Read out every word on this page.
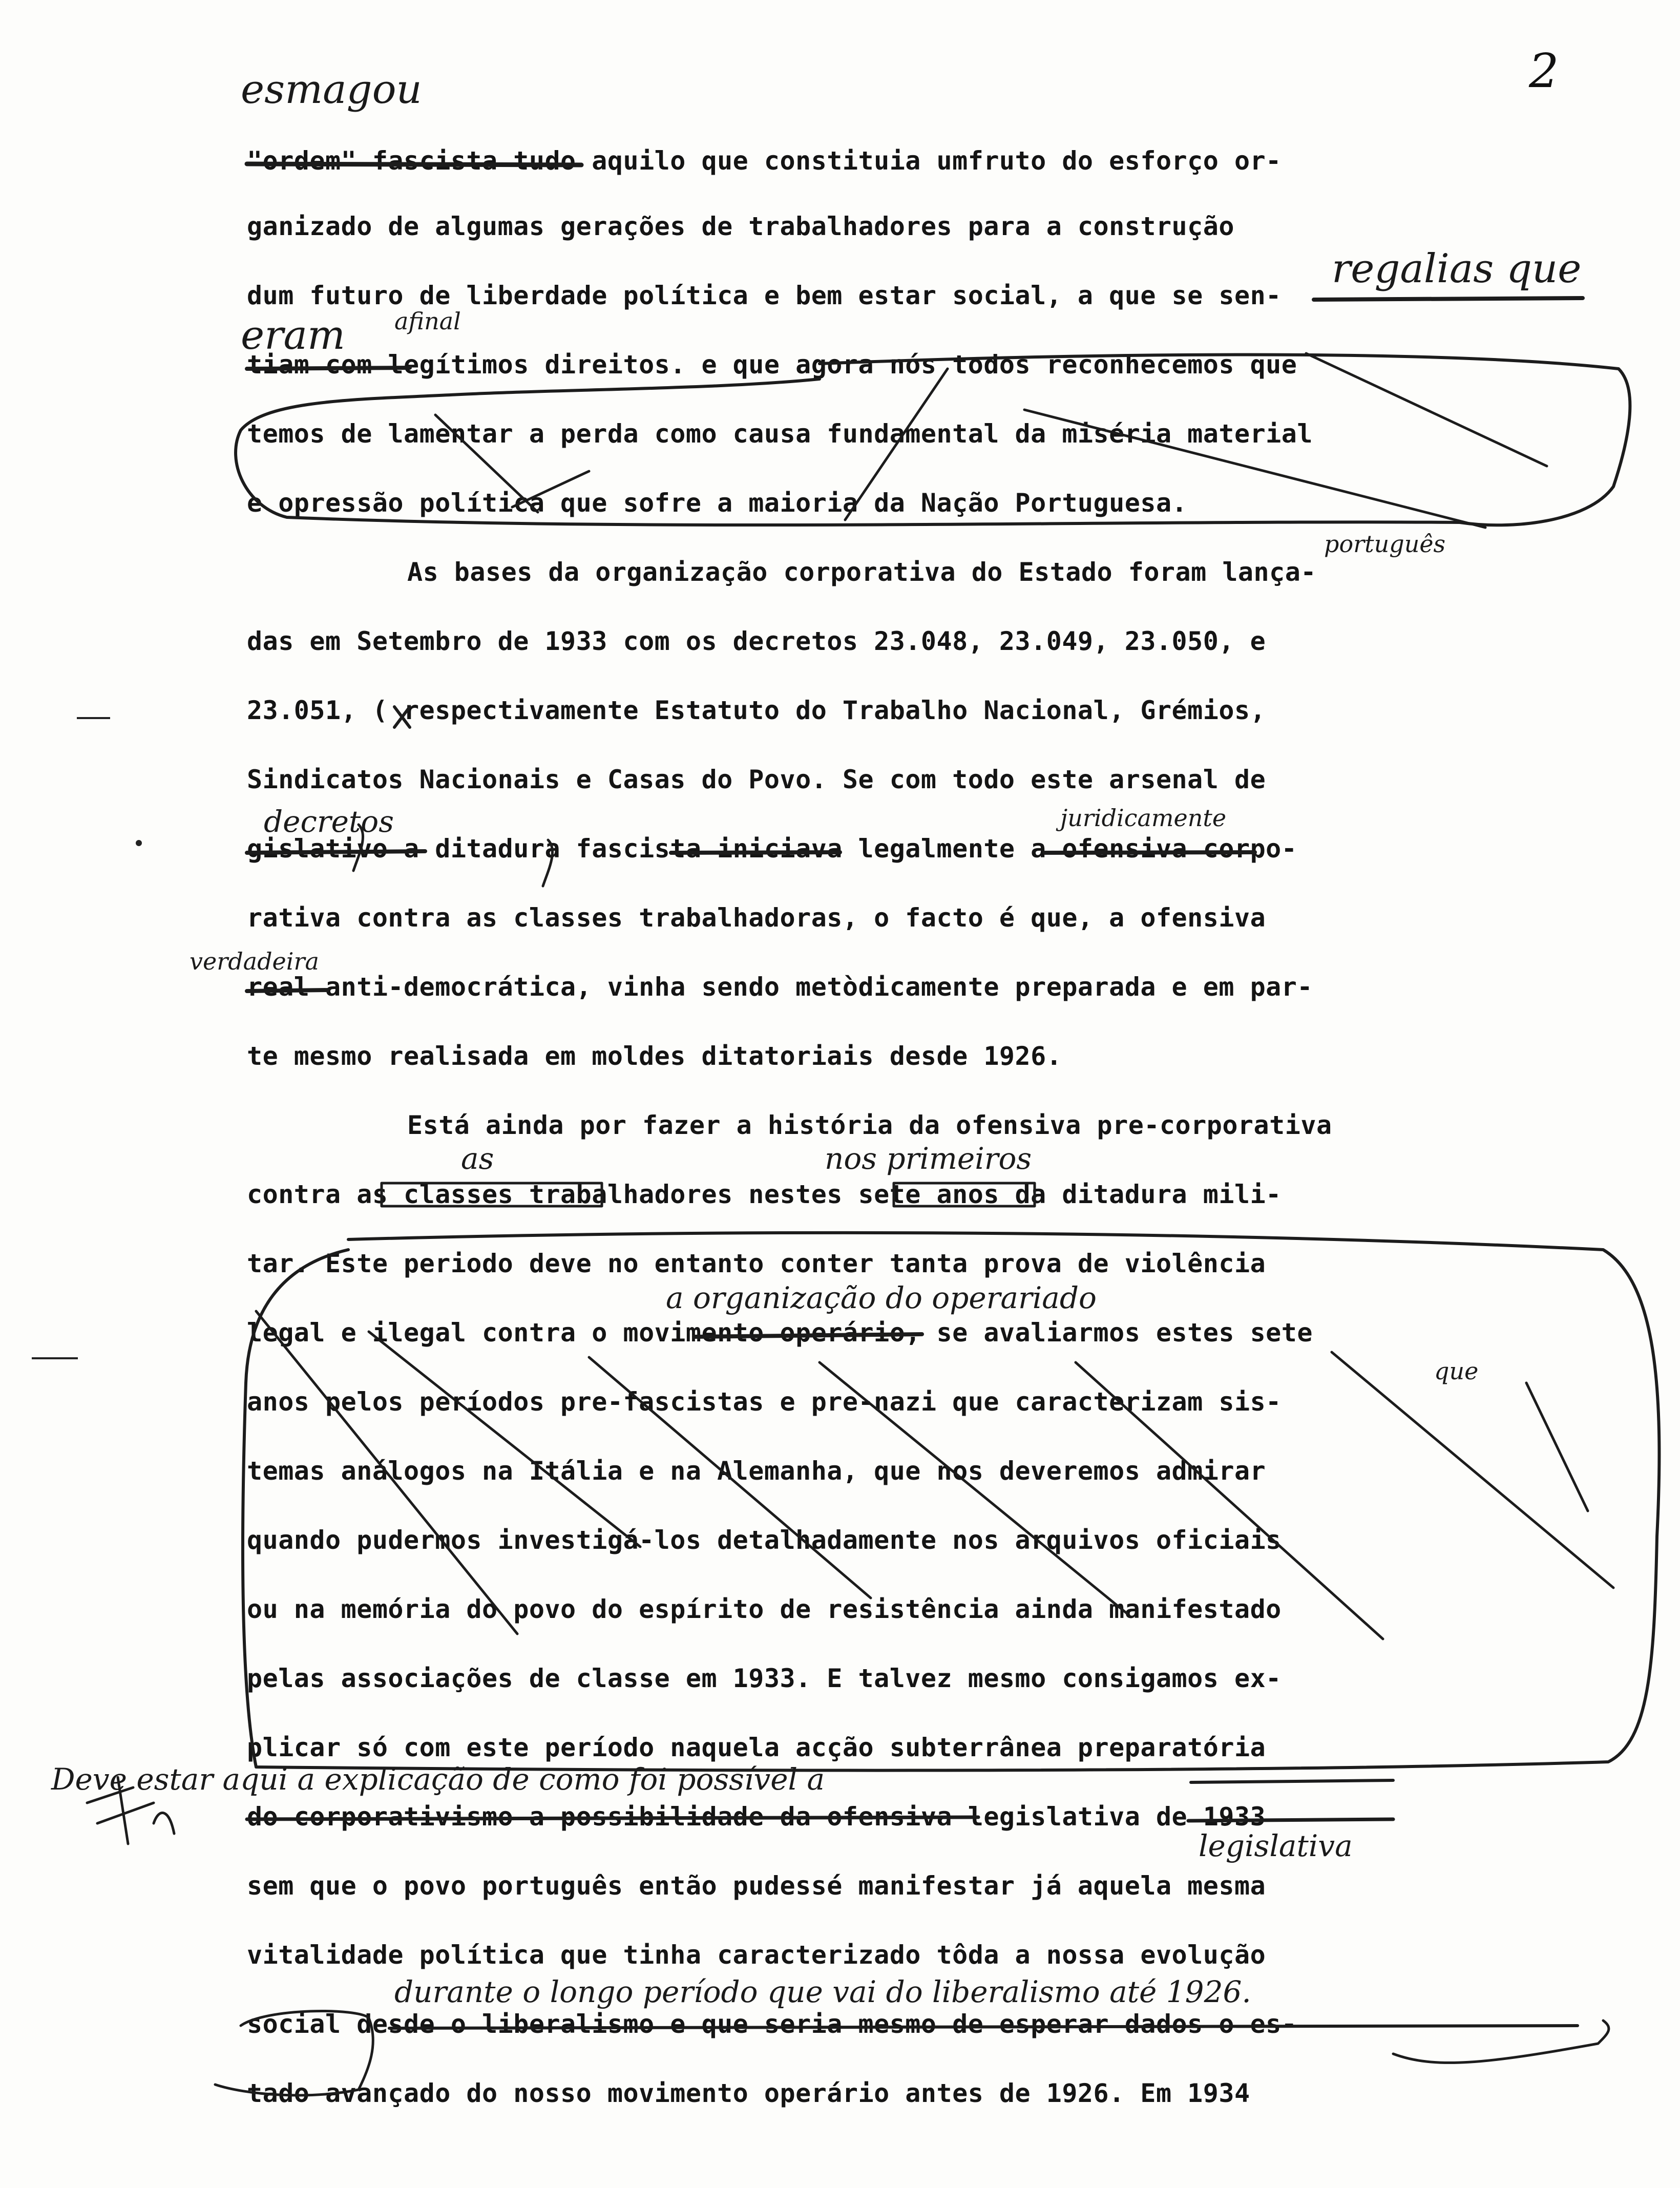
2
"ordem" fascista tudo aquilo que constituia umfruto do esforço or-
ganizado de algumas gerações de trabalhadores para a construção
dum futuro de liberdade política e bem estar social, a que se sen-
tiam com legítimos direitos. e que agora nós todos reconhecemos que
temos de lamentar a perda como causa fundamental da miséria material
e opressão política que sofre a maioria da Nação Portuguesa.
As bases da organização corporativa do Estado foram lança-
das em Setembro de 1933 com os decretos 23.048, 23.049, 23.050, e
23.051, ( respectivamente Estatuto do Trabalho Nacional, Grémios,
Sindicatos Nacionais e Casas do Povo. Se com todo este arsenal de
gislativo a ditadura fascista iniciava legalmente a ofensiva corpo-
rativa contra as classes trabalhadoras, o facto é que, a ofensiva
real anti-democrática, vinha sendo metòdicamente preparada e em par-
te mesmo realisada em moldes ditatoriais desde 1926.
Está ainda por fazer a história da ofensiva pre-corporativa
contra as classes trabalhadores nestes sete anos da ditadura mili-
tar. Este periodo deve no entanto conter tanta prova de violência
legal e ilegal contra o movimento operário, se avaliarmos estes sete
anos pelos períodos pre-fascistas e pre-nazi que caracterizam sis-
temas análogos na Itália e na Alemanha, que nos deveremos admirar
quando pudermos investigá-los detalhadamente nos arquivos oficiais
ou na memória do povo do espírito de resistência ainda manifestado
pelas associações de classe em 1933. E talvez mesmo consigamos ex-
plicar só com este período naquela acção subterrânea preparatória
do corporativismo a possibilidade da ofensiva legislativa de 1933
sem que o povo português então pudessé manifestar já aquela mesma
vitalidade política que tinha caracterizado tôda a nossa evolução
social desde o liberalismo e que seria mesmo de esperar dados o es-
tado avançado do nosso movimento operário antes de 1926. Em 1934
esmagou
regalias que
eram afinal
português
decretos	juridicamente
verdadeira
as	nos primeiros
a organização do operariado
que
Deve estar aqui a explicação de como foi possível a
legislativa
durante o longo período que vai do liberalismo até 1926.
